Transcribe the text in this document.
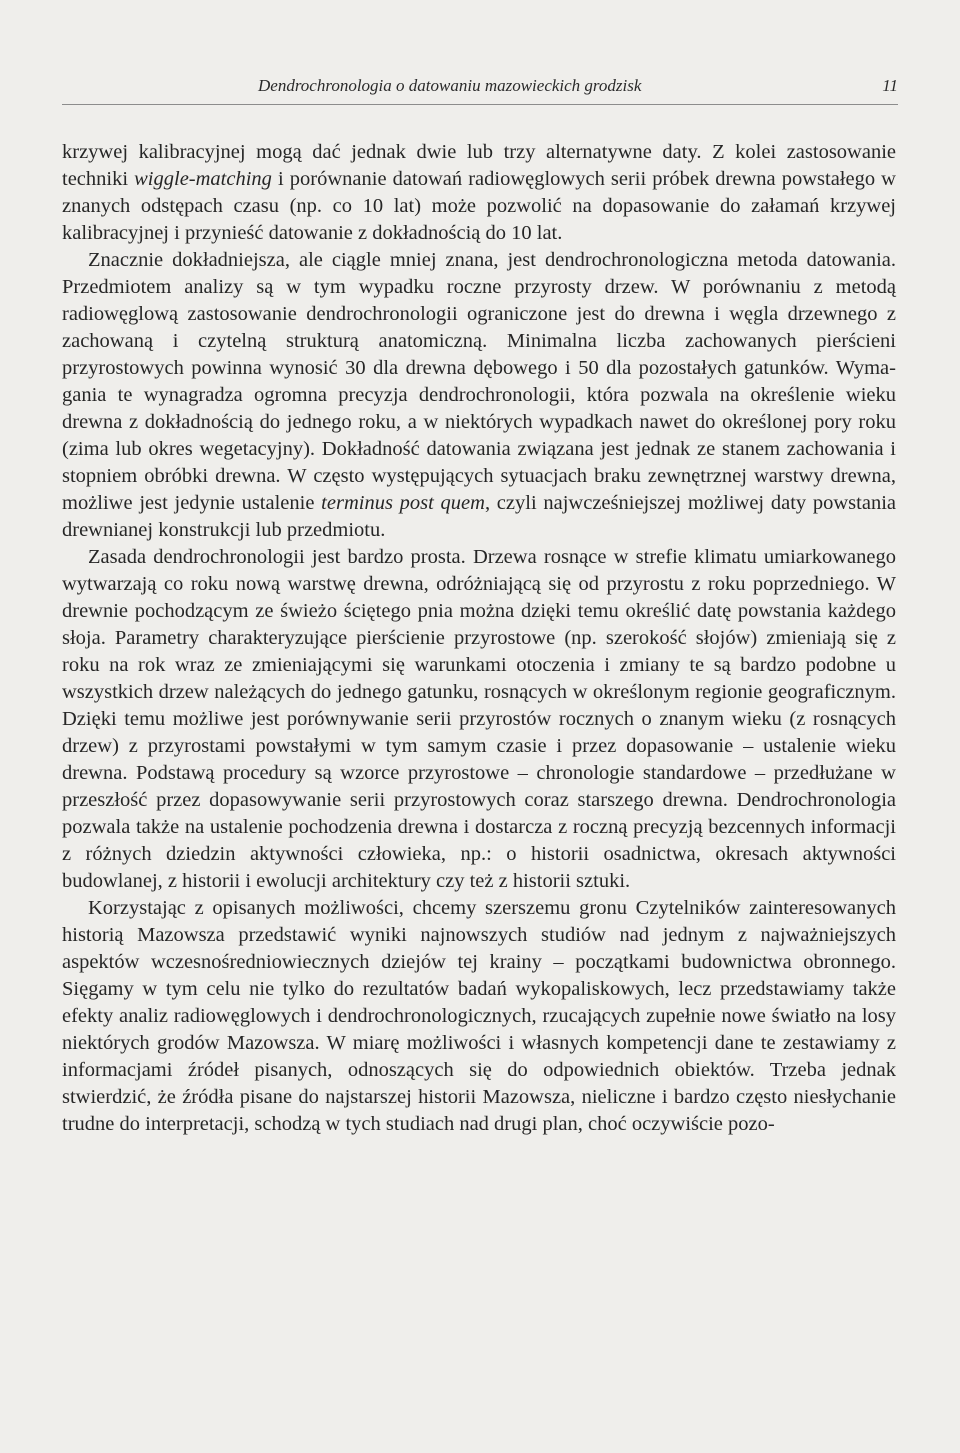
Dendrochronologia o datowaniu mazowieckich grodzisk	11

krzywej kalibracyjnej mogą dać jednak dwie lub trzy alternatywne daty. Z kolei zastosowanie techniki wiggle-matching i porównanie datowań radiowęglowych serii próbek drewna powstałego w znanych odstępach czasu (np. co 10 lat) może pozwolić na dopasowanie do załamań krzywej kalibracyjnej i przynieść datowanie z dokładnością do 10 lat.

Znacznie dokładniejsza, ale ciągle mniej znana, jest dendrochronologiczna metoda datowania. Przedmiotem analizy są w tym wypadku roczne przyrosty drzew. W porównaniu z metodą radiowęglową zastosowanie dendrochronologii ograniczone jest do drewna i węgla drzewnego z zachowaną i czytelną strukturą anatomiczną. Minimalna liczba zachowanych pierścieni przyrostowych powinna wynosić 30 dla drewna dębowego i 50 dla pozostałych gatunków. Wymagania te wynagradza ogromna precyzja dendrochronologii, która pozwala na określenie wieku drewna z dokładnością do jednego roku, a w niektórych wypadkach nawet do określonej pory roku (zima lub okres wegetacyjny). Dokładność datowania związana jest jednak ze stanem zachowania i stopniem obróbki drewna. W często występujących sytuacjach braku zewnętrznej warstwy drewna, możliwe jest jedynie ustalenie terminus post quem, czyli najwcześniejszej możliwej daty powstania drewnianej konstrukcji lub przedmiotu.

Zasada dendrochronologii jest bardzo prosta. Drzewa rosnące w strefie klimatu umiarkowanego wytwarzają co roku nową warstwę drewna, odróżniającą się od przyrostu z roku poprzedniego. W drewnie pochodzącym ze świeżo ściętego pnia można dzięki temu określić datę powstania każdego słoja. Parametry charakteryzujące pierścienie przyrostowe (np. szerokość słojów) zmieniają się z roku na rok wraz ze zmieniającymi się warunkami otoczenia i zmiany te są bardzo podobne u wszystkich drzew należących do jednego gatunku, rosnących w określonym regionie geograficznym. Dzięki temu możliwe jest porównywanie serii przyrostów rocznych o znanym wieku (z rosnących drzew) z przyrostami powstałymi w tym samym czasie i przez dopasowanie – ustalenie wieku drewna. Podstawą procedury są wzorce przyrostowe – chronologie standardowe – przedłużane w przeszłość przez dopasowywanie serii przyrostowych coraz starszego drewna. Dendrochronologia pozwala także na ustalenie pochodzenia drewna i dostarcza z roczną precyzją bezcennych informacji z różnych dziedzin aktywności człowieka, np.: o historii osadnictwa, okresach aktywności budowlanej, z historii i ewolucji architektury czy też z historii sztuki.

Korzystając z opisanych możliwości, chcemy szerszemu gronu Czytelników zainteresowanych historią Mazowsza przedstawić wyniki najnowszych studiów nad jednym z najważniejszych aspektów wczesnośredniowiecznych dziejów tej krainy – początkami budownictwa obronnego. Sięgamy w tym celu nie tylko do rezultatów badań wykopaliskowych, lecz przedstawiamy także efekty analiz radiowęglowych i dendrochronologicznych, rzucających zupełnie nowe światło na losy niektórych grodów Mazowsza. W miarę możliwości i własnych kompetencji dane te zestawiamy z informacjami źródeł pisanych, odnoszących się do odpowiednich obiektów. Trzeba jednak stwierdzić, że źródła pisane do najstarszej historii Mazowsza, nieliczne i bardzo często niesłychanie trudne do interpretacji, schodzą w tych studiach nad drugi plan, choć oczywiście pozo-
